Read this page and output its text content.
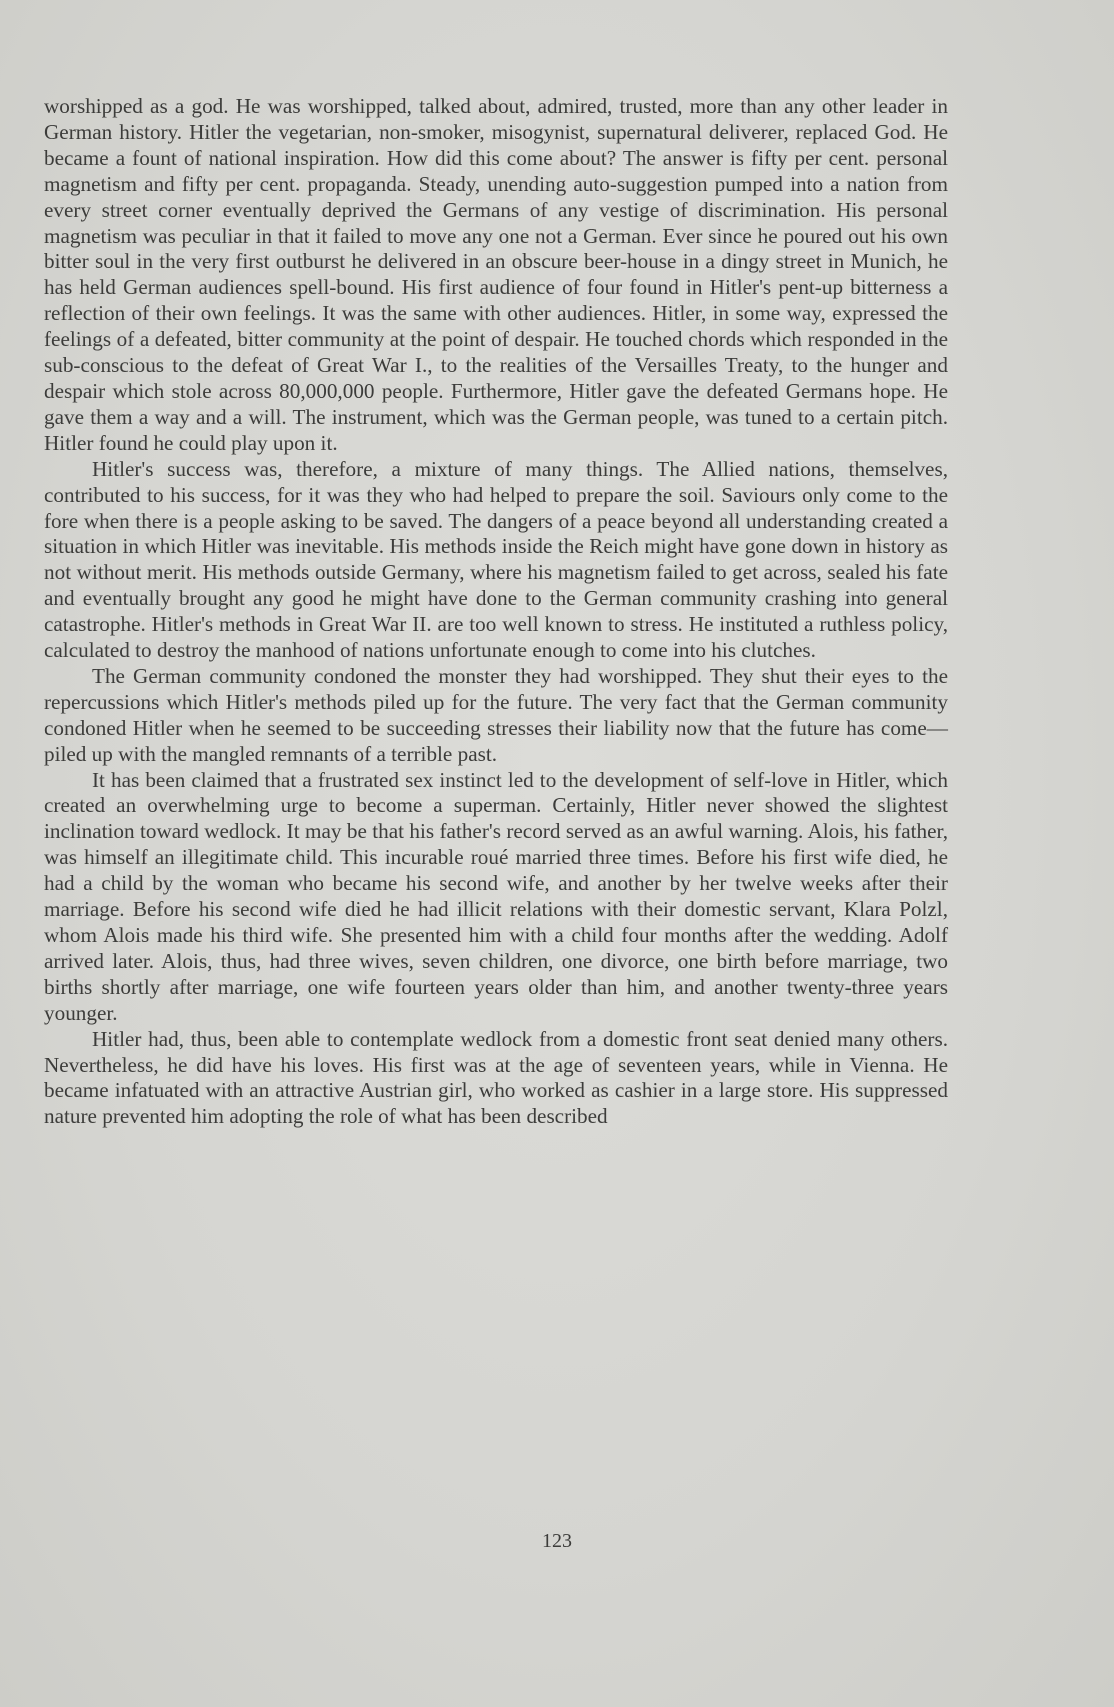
worshipped as a god. He was worshipped, talked about, admired, trusted, more than any other leader in German history. Hitler the vegetarian, non-smoker, misogynist, supernatural deliverer, replaced God. He became a fount of national inspiration. How did this come about? The answer is fifty per cent. personal magnetism and fifty per cent. propaganda. Steady, unending auto-suggestion pumped into a nation from every street corner eventually deprived the Germans of any vestige of discrimination. His personal magnetism was peculiar in that it failed to move any one not a German. Ever since he poured out his own bitter soul in the very first outburst he delivered in an obscure beer-house in a dingy street in Munich, he has held German audiences spell-bound. His first audience of four found in Hitler's pent-up bitterness a reflection of their own feelings. It was the same with other audiences. Hitler, in some way, expressed the feelings of a defeated, bitter community at the point of despair. He touched chords which responded in the sub-conscious to the defeat of Great War I., to the realities of the Versailles Treaty, to the hunger and despair which stole across 80,000,000 people. Furthermore, Hitler gave the defeated Germans hope. He gave them a way and a will. The instrument, which was the German people, was tuned to a certain pitch. Hitler found he could play upon it.

Hitler's success was, therefore, a mixture of many things. The Allied nations, themselves, contributed to his success, for it was they who had helped to prepare the soil. Saviours only come to the fore when there is a people asking to be saved. The dangers of a peace beyond all understanding created a situation in which Hitler was inevitable. His methods inside the Reich might have gone down in history as not without merit. His methods outside Germany, where his magnetism failed to get across, sealed his fate and eventually brought any good he might have done to the German community crashing into general catastrophe. Hitler's methods in Great War II. are too well known to stress. He instituted a ruthless policy, calculated to destroy the manhood of nations unfortunate enough to come into his clutches.

The German community condoned the monster they had worshipped. They shut their eyes to the repercussions which Hitler's methods piled up for the future. The very fact that the German community condoned Hitler when he seemed to be succeeding stresses their liability now that the future has come—piled up with the mangled remnants of a terrible past.

It has been claimed that a frustrated sex instinct led to the development of self-love in Hitler, which created an overwhelming urge to become a superman. Certainly, Hitler never showed the slightest inclination toward wedlock. It may be that his father's record served as an awful warning. Alois, his father, was himself an illegitimate child. This incurable roué married three times. Before his first wife died, he had a child by the woman who became his second wife, and another by her twelve weeks after their marriage. Before his second wife died he had illicit relations with their domestic servant, Klara Polzl, whom Alois made his third wife. She presented him with a child four months after the wedding. Adolf arrived later. Alois, thus, had three wives, seven children, one divorce, one birth before marriage, two births shortly after marriage, one wife fourteen years older than him, and another twenty-three years younger.

Hitler had, thus, been able to contemplate wedlock from a domestic front seat denied many others. Nevertheless, he did have his loves. His first was at the age of seventeen years, while in Vienna. He became infatuated with an attractive Austrian girl, who worked as cashier in a large store. His suppressed nature prevented him adopting the role of what has been described

123
